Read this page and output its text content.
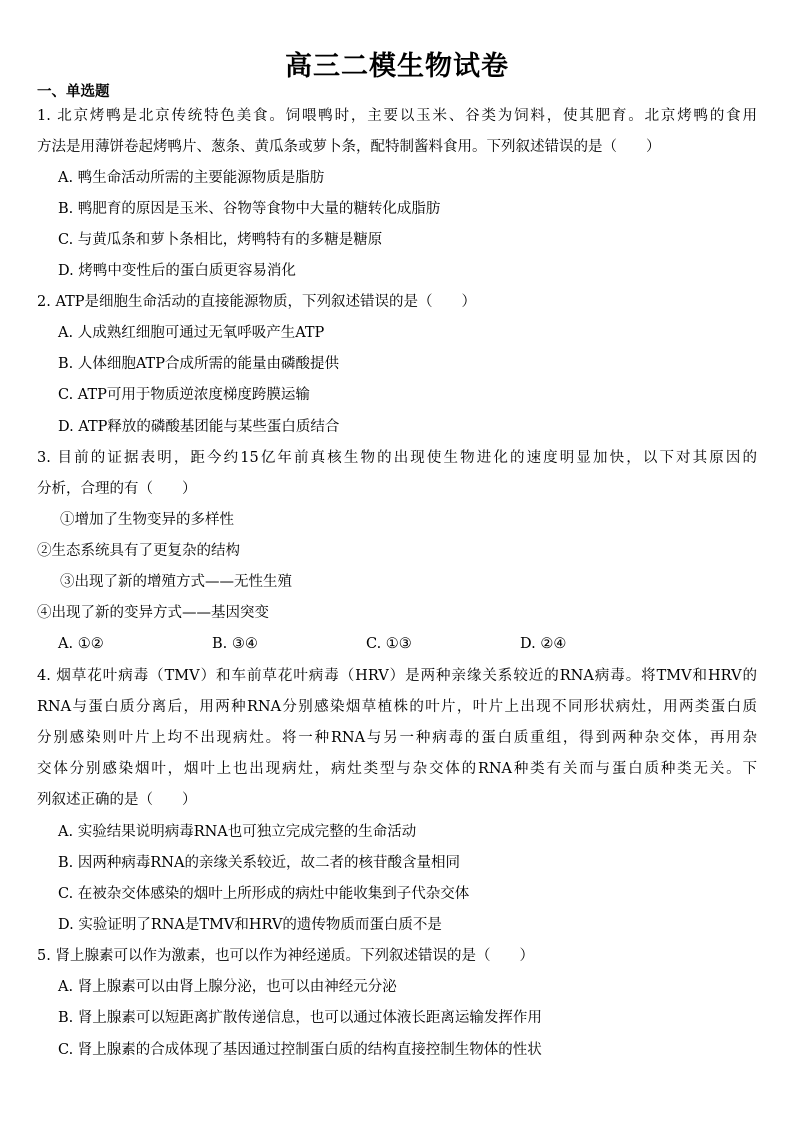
高三二模生物试卷
一、单选题
1. 北京烤鸭是北京传统特色美食。饲喂鸭时，主要以玉米、谷类为饲料，使其肥育。北京烤鸭的食用
方法是用薄饼卷起烤鸭片、葱条、黄瓜条或萝卜条，配特制酱料食用。下列叙述错误的是（　　）
A. 鸭生命活动所需的主要能源物质是脂肪
B. 鸭肥育的原因是玉米、谷物等食物中大量的糖转化成脂肪
C. 与黄瓜条和萝卜条相比，烤鸭特有的多糖是糖原
D. 烤鸭中变性后的蛋白质更容易消化
2. ATP是细胞生命活动的直接能源物质，下列叙述错误的是（　　）
A. 人成熟红细胞可通过无氧呼吸产生ATP
B. 人体细胞ATP合成所需的能量由磷酸提供
C. ATP可用于物质逆浓度梯度跨膜运输
D. ATP释放的磷酸基团能与某些蛋白质结合
3. 目前的证据表明，距今约15亿年前真核生物的出现使生物进化的速度明显加快，以下对其原因的
分析，合理的有（　　）
①增加了生物变异的多样性
②生态系统具有了更复杂的结构
③出现了新的增殖方式——无性生殖
④出现了新的变异方式——基因突变
A. ①②	B. ③④	C. ①③	D. ②④
4. 烟草花叶病毒（TMV）和车前草花叶病毒（HRV）是两种亲缘关系较近的RNA病毒。将TMV和HRV的
RNA与蛋白质分离后，用两种RNA分别感染烟草植株的叶片，叶片上出现不同形状病灶，用两类蛋白质
分别感染则叶片上均不出现病灶。将一种RNA与另一种病毒的蛋白质重组，得到两种杂交体，再用杂
交体分别感染烟叶，烟叶上也出现病灶，病灶类型与杂交体的RNA种类有关而与蛋白质种类无关。下
列叙述正确的是（　　）
A. 实验结果说明病毒RNA也可独立完成完整的生命活动
B. 因两种病毒RNA的亲缘关系较近，故二者的核苷酸含量相同
C. 在被杂交体感染的烟叶上所形成的病灶中能收集到子代杂交体
D. 实验证明了RNA是TMV和HRV的遗传物质而蛋白质不是
5. 肾上腺素可以作为激素，也可以作为神经递质。下列叙述错误的是（　　）
A. 肾上腺素可以由肾上腺分泌，也可以由神经元分泌
B. 肾上腺素可以短距离扩散传递信息，也可以通过体液长距离运输发挥作用
C. 肾上腺素的合成体现了基因通过控制蛋白质的结构直接控制生物体的性状
